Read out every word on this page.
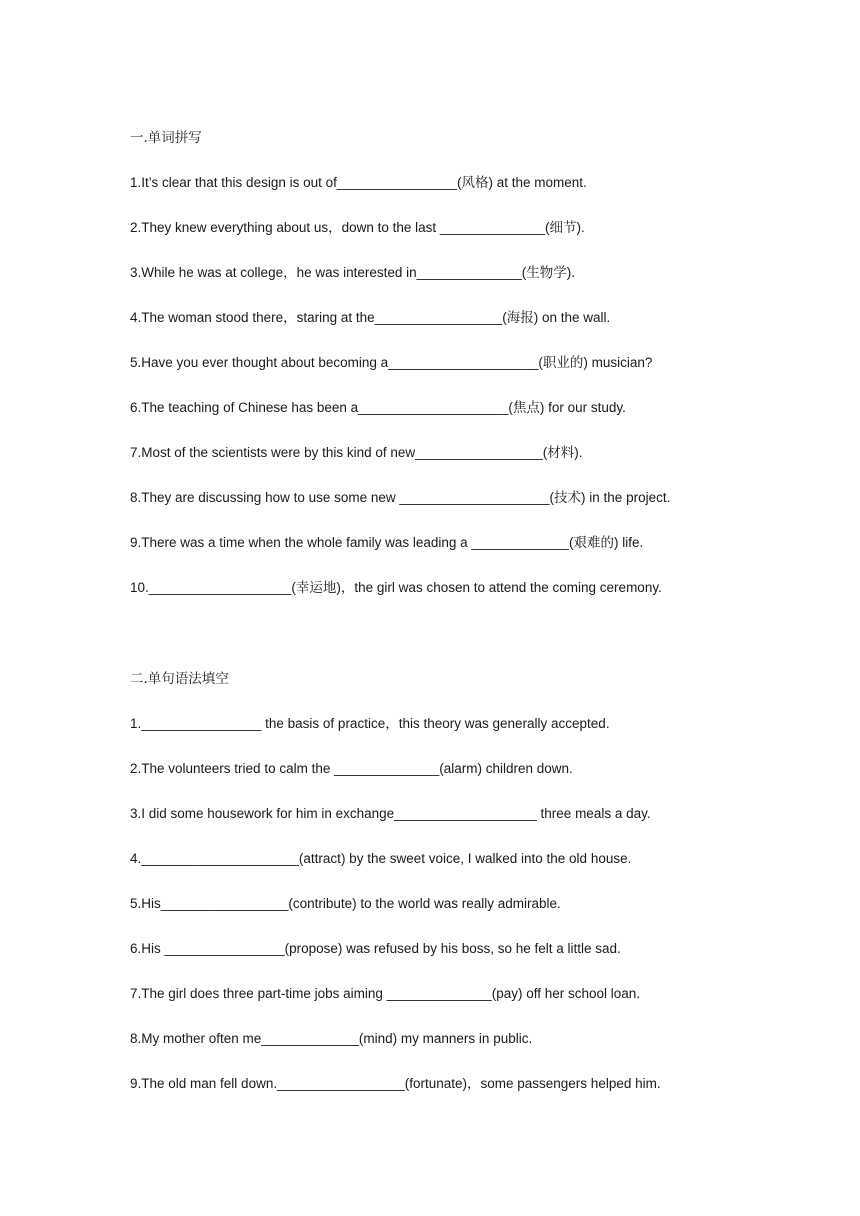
一.单词拼写
1.It’s clear that this design is out of________________(风格) at the moment.
2.They knew everything about us，down to the last ______________(细节).
3.While he was at college，he was interested in______________(生物学).
4.The woman stood there，staring at the_________________(海报) on the wall.
5.Have you ever thought about becoming a____________________(职业的) musician?
6.The teaching of Chinese has been a____________________(焦点) for our study.
7.Most of the scientists were by this kind of new_________________(材料).
8.They are discussing how to use some new ____________________(技术) in the project.
9.There was a time when the whole family was leading a _____________(艰难的) life.
10.___________________(幸运地)，the girl was chosen to attend the coming ceremony.
二.单句语法填空
1.________________ the basis of practice，this theory was generally accepted.
2.The volunteers tried to calm the ______________(alarm) children down.
3.I did some housework for him in exchange___________________ three meals a day.
4._____________________(attract) by the sweet voice, I walked into the old house.
5.His_________________(contribute) to the world was really admirable.
6.His ________________(propose) was refused by his boss, so he felt a little sad.
7.The girl does three part-time jobs aiming ______________(pay) off her school loan.
8.My mother often me_____________(mind) my manners in public.
9.The old man fell down._________________(fortunate)，some passengers helped him.
